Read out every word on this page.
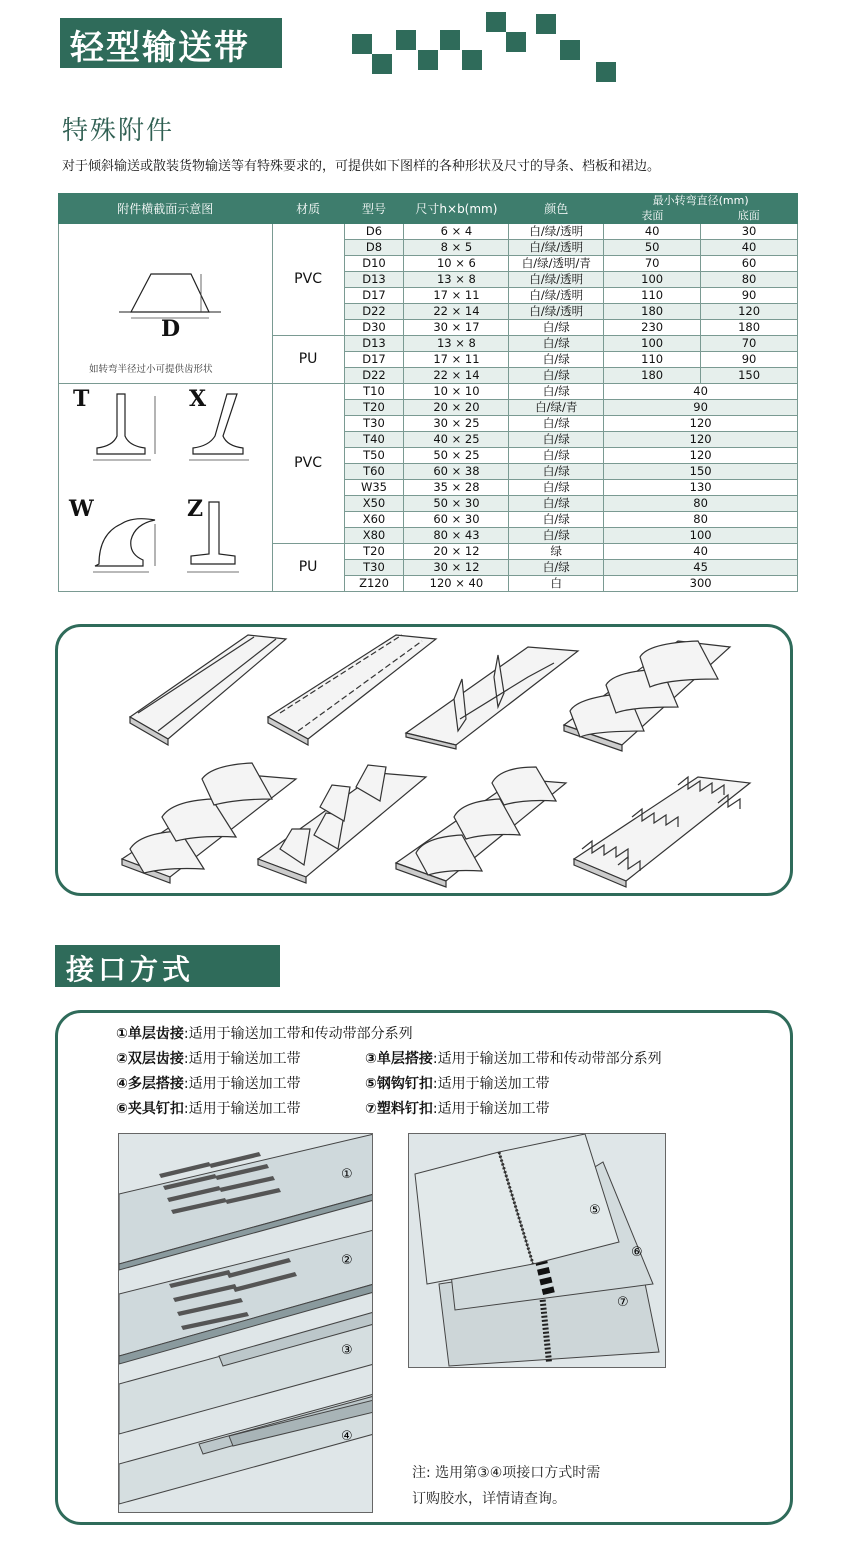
轻型输送带
特殊附件
对于倾斜输送或散装货物输送等有特殊要求的，可提供如下图样的各种形状及尺寸的导条、档板和裙边。
附件横截面示意图	材质	型号	尺寸h×b(mm)	颜色	最小转弯直径(mm)
表面 底面	

D
如转弯半径过小可提供齿形状	PVC	D6	6 × 4	白/绿/透明	40	30
		D8	8 × 5	白/绿/透明	50	40
		D10	10 × 6	白/绿/透明/青	70	60
		D13	13 × 8	白/绿/透明	100	80
		D17	17 × 11	白/绿/透明	110	90
		D22	22 × 14	白/绿/透明	180	120
		D30	30 × 17	白/绿	230	180
	PU	D13	13 × 8	白/绿	100	70
		D17	17 × 11	白/绿	110	90
		D22	22 × 14	白/绿	180	150

T X
W Z	PVC	T10	10 × 10	白/绿	40	
		T20	20 × 20	白/绿/青	90	
		T30	30 × 25	白/绿	120	
		T40	40 × 25	白/绿	120	
		T50	50 × 25	白/绿	120	
		T60	60 × 38	白/绿	150	
		W35	35 × 28	白/绿	130	
		X50	50 × 30	白/绿	80	
		X60	60 × 30	白/绿	80	
		X80	80 × 43	白/绿	100	
	PU	T20	20 × 12	绿	40	
		T30	30 × 12	白/绿	45	
		Z120	120 × 40	白	300	
接口方式
①单层齿接:适用于输送加工带和传动带部分系列
②双层齿接:适用于输送加工带	③单层搭接:适用于输送加工带和传动带部分系列
④多层搭接:适用于输送加工带	⑤钢钩钉扣:适用于输送加工带
⑥夹具钉扣:适用于输送加工带	⑦塑料钉扣:适用于输送加工带
①
②
③
④
⑤
⑥
⑦
注: 选用第③④项接口方式时需
订购胶水，详情请查询。
